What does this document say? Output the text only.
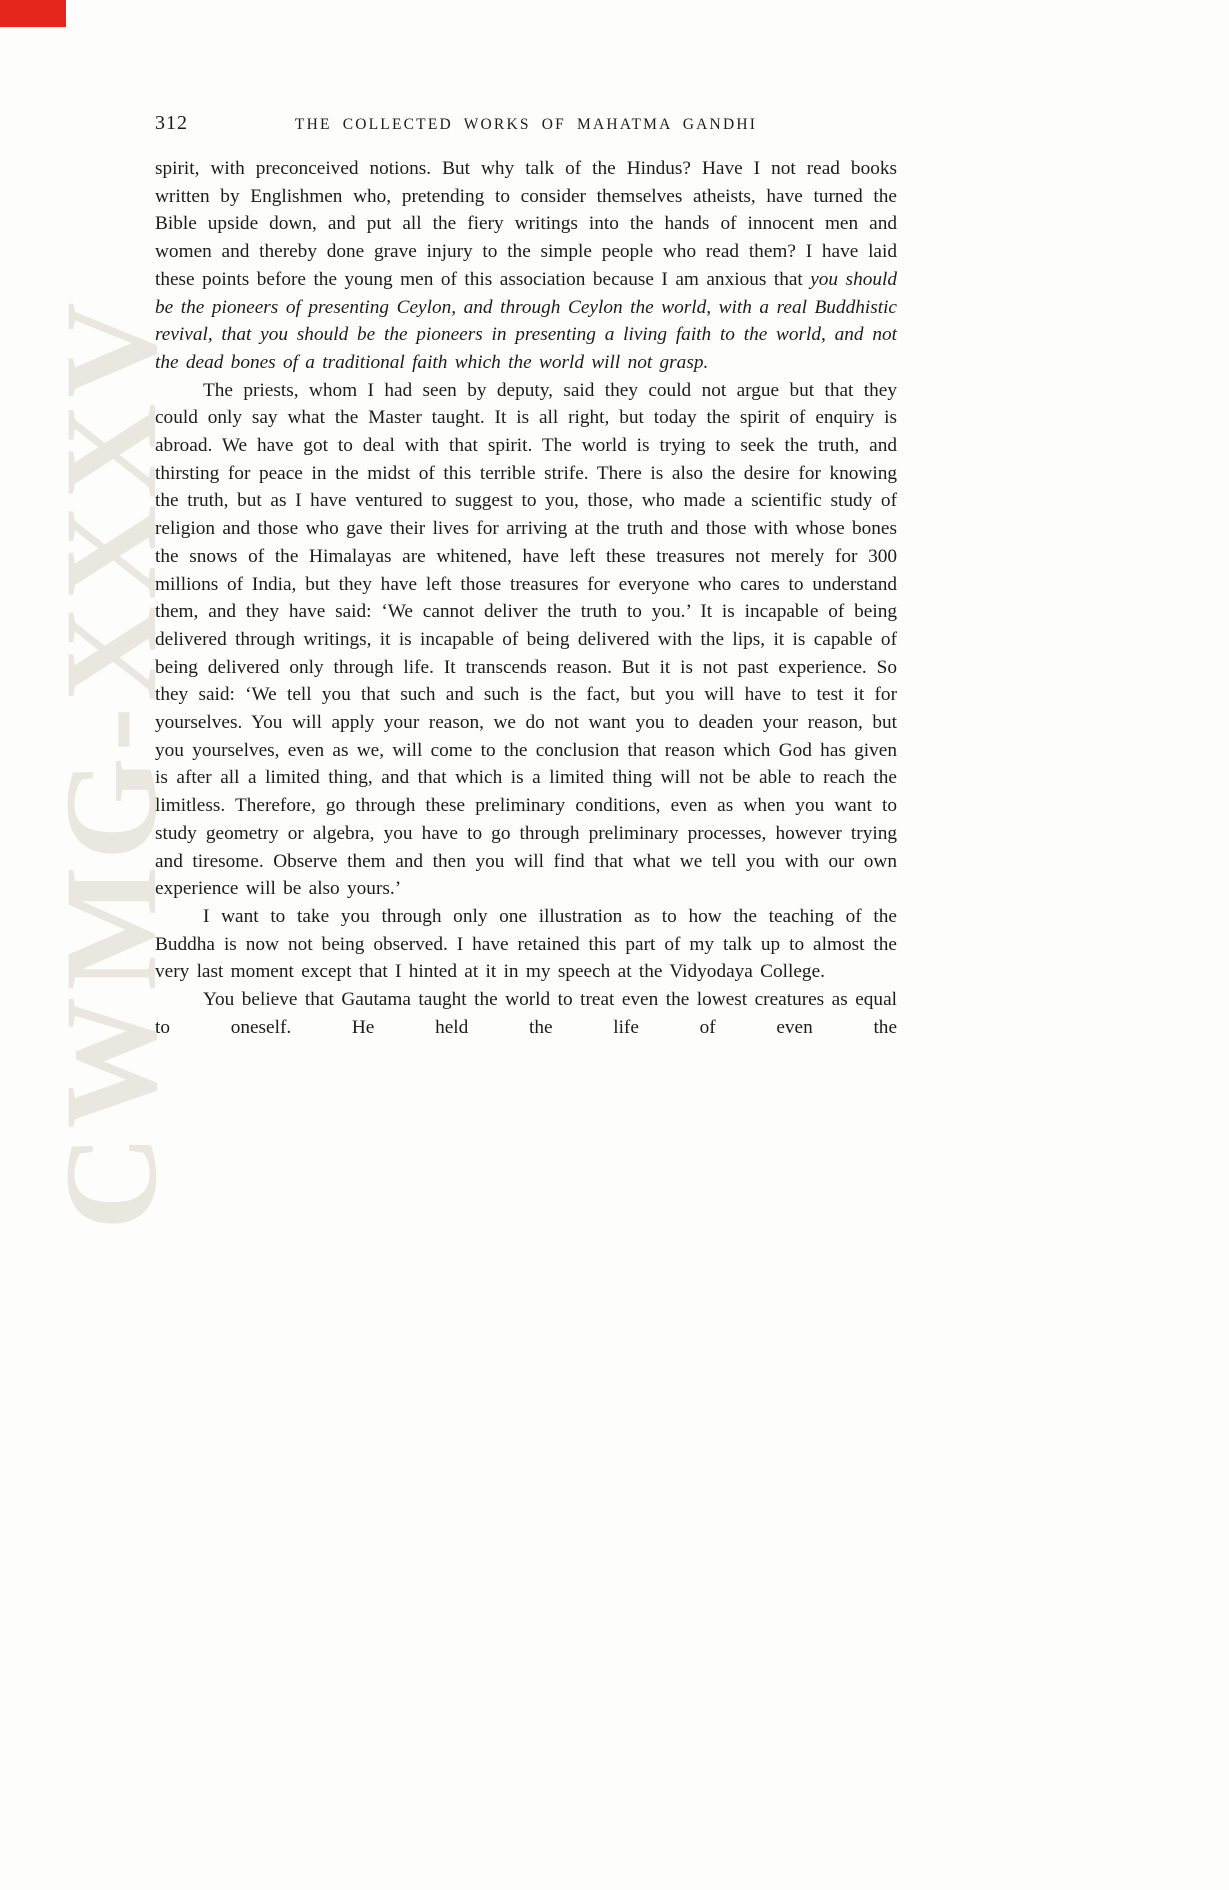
CWMG-XXXV
312	THE COLLECTED WORKS OF MAHATMA GANDHI

spirit, with preconceived notions. But why talk of the Hindus? Have I not read books written by Englishmen who, pretending to consider themselves atheists, have turned the Bible upside down, and put all the fiery writings into the hands of innocent men and women and thereby done grave injury to the simple people who read them? I have laid these points before the young men of this association because I am anxious that you should be the pioneers of presenting Ceylon, and through Ceylon the world, with a real Buddhistic revival, that you should be the pioneers in presenting a living faith to the world, and not the dead bones of a traditional faith which the world will not grasp.

The priests, whom I had seen by deputy, said they could not argue but that they could only say what the Master taught. It is all right, but today the spirit of enquiry is abroad. We have got to deal with that spirit. The world is trying to seek the truth, and thirsting for peace in the midst of this terrible strife. There is also the desire for knowing the truth, but as I have ventured to suggest to you, those, who made a scientific study of religion and those who gave their lives for arriving at the truth and those with whose bones the snows of the Himalayas are whitened, have left these treasures not merely for 300 millions of India, but they have left those treasures for everyone who cares to understand them, and they have said: ‘We cannot deliver the truth to you.’ It is incapable of being delivered through writings, it is incapable of being delivered with the lips, it is capable of being delivered only through life. It transcends reason. But it is not past experience. So they said: ‘We tell you that such and such is the fact, but you will have to test it for yourselves. You will apply your reason, we do not want you to deaden your reason, but you yourselves, even as we, will come to the conclusion that reason which God has given is after all a limited thing, and that which is a limited thing will not be able to reach the limitless. Therefore, go through these preliminary conditions, even as when you want to study geometry or algebra, you have to go through preliminary processes, however trying and tiresome. Observe them and then you will find that what we tell you with our own experience will be also yours.’

I want to take you through only one illustration as to how the teaching of the Buddha is now not being observed. I have retained this part of my talk up to almost the very last moment except that I hinted at it in my speech at the Vidyodaya College.

You believe that Gautama taught the world to treat even the lowest creatures as equal to oneself. He held the life of even the
